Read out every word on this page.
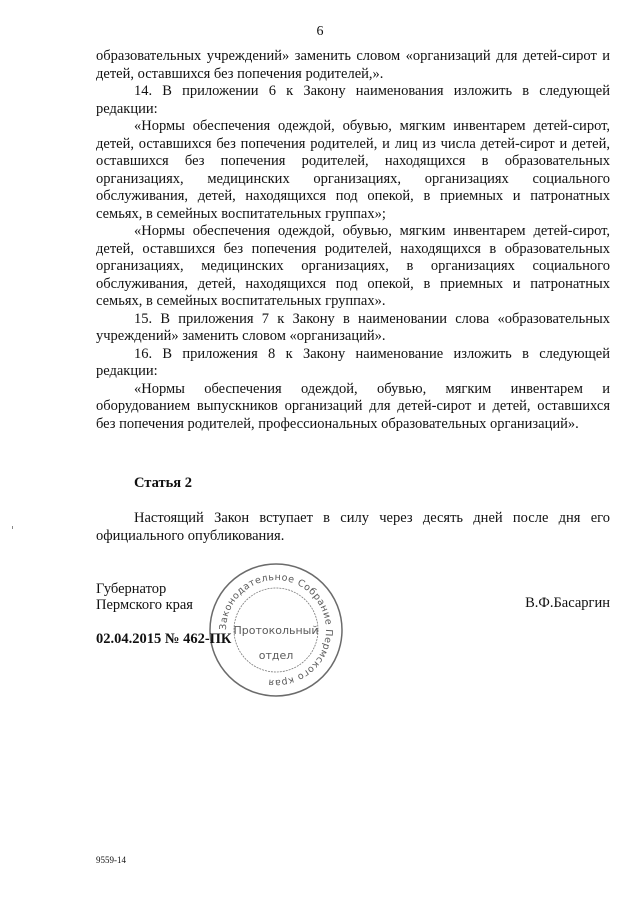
6

образовательных учреждений» заменить словом «организаций для детей-сирот и детей, оставшихся без попечения родителей,».

14. В приложении 6 к Закону наименования изложить в следующей редакции:

«Нормы обеспечения одеждой, обувью, мягким инвентарем детей-сирот, детей, оставшихся без попечения родителей, и лиц из числа детей-сирот и детей, оставшихся без попечения родителей, находящихся в образовательных организациях, медицинских организациях, организациях социального обслуживания, детей, находящихся под опекой, в приемных и патронатных семьях, в семейных воспитательных группах»;

«Нормы обеспечения одеждой, обувью, мягким инвентарем детей-сирот, детей, оставшихся без попечения родителей, находящихся в образовательных организациях, медицинских организациях, в организациях социального обслуживания, детей, находящихся под опекой, в приемных и патронатных семьях, в семейных воспитательных группах».

15. В приложения 7 к Закону в наименовании слова «образовательных учреждений» заменить словом «организаций».

16. В приложения 8 к Закону наименование изложить в следующей редакции:

«Нормы обеспечения одеждой, обувью, мягким инвентарем и оборудованием выпускников организаций для детей-сирот и детей, оставшихся без попечения родителей, профессиональных образовательных организаций».

Статья 2

Настоящий Закон вступает в силу через десять дней после дня его официального опубликования.

Губернатор
Пермского края	В.Ф.Басаргин
Законодательное Собрание Пермского края
Протокольный
отдел
02.04.2015 № 462-ПК
9559-14
